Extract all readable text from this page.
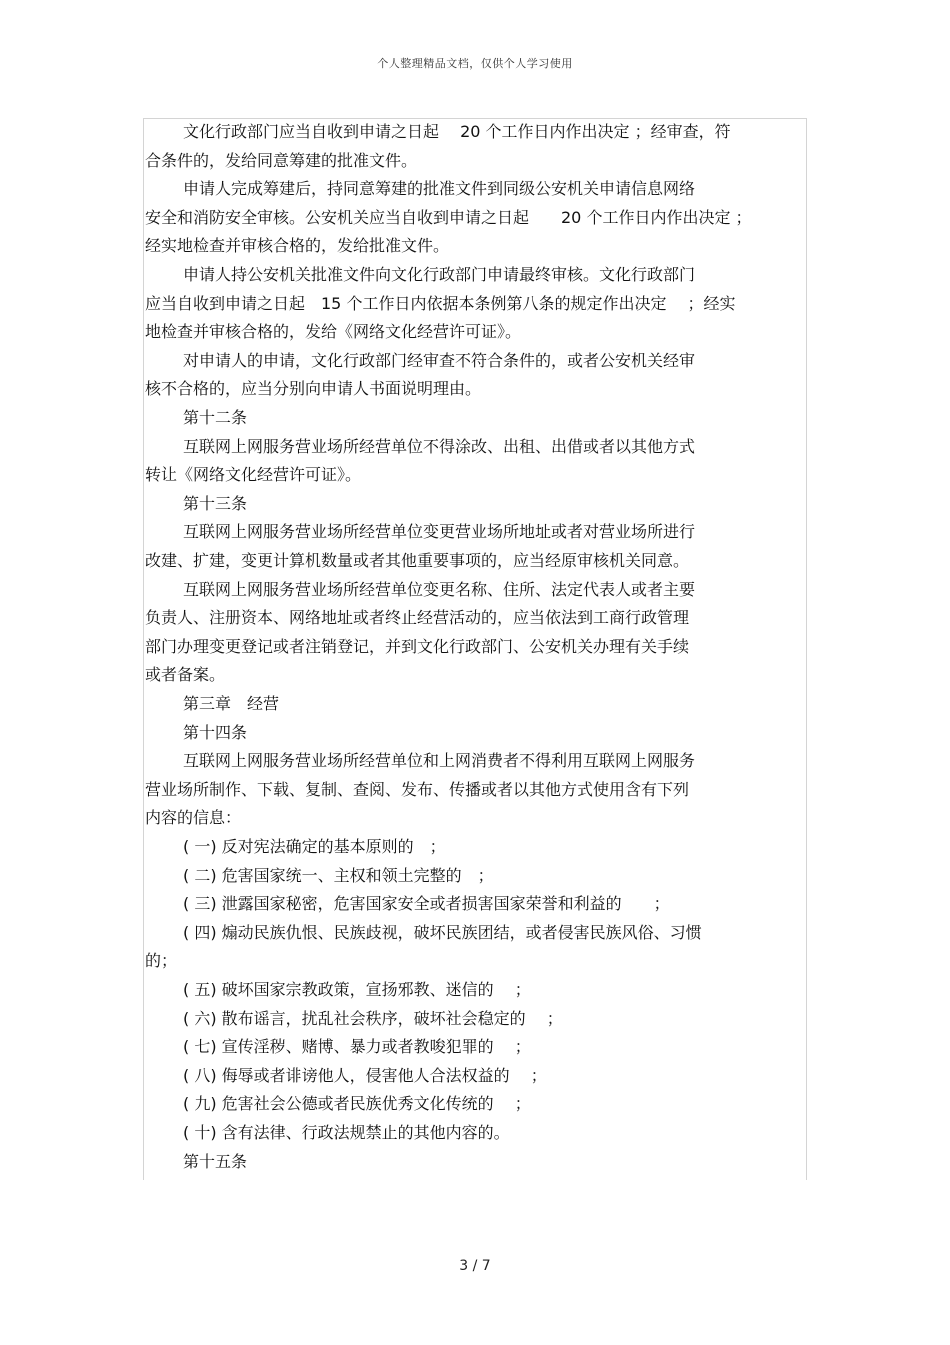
个人整理精品文档，仅供个人学习使用
文化行政部门应当自收到申请之日起　 20 个工作日内作出决定 ；经审查，符
合条件的，发给同意筹建的批准文件。
申请人完成筹建后，持同意筹建的批准文件到同级公安机关申请信息网络
安全和消防安全审核。公安机关应当自收到申请之日起　　20 个工作日内作出决定 ；
经实地检查并审核合格的，发给批准文件。
申请人持公安机关批准文件向文化行政部门申请最终审核。文化行政部门
应当自收到申请之日起　15 个工作日内依据本条例第八条的规定作出决定　 ；经实
地检查并审核合格的，发给《网络文化经营许可证》。
对申请人的申请，文化行政部门经审查不符合条件的，或者公安机关经审
核不合格的，应当分别向申请人书面说明理由。
第十二条
互联网上网服务营业场所经营单位不得涂改、出租、出借或者以其他方式
转让《网络文化经营许可证》。
第十三条
互联网上网服务营业场所经营单位变更营业场所地址或者对营业场所进行
改建、扩建，变更计算机数量或者其他重要事项的，应当经原审核机关同意。
互联网上网服务营业场所经营单位变更名称、住所、法定代表人或者主要
负责人、注册资本、网络地址或者终止经营活动的，应当依法到工商行政管理
部门办理变更登记或者注销登记，并到文化行政部门、公安机关办理有关手续
或者备案。
第三章　经营
第十四条
互联网上网服务营业场所经营单位和上网消费者不得利用互联网上网服务
营业场所制作、下载、复制、查阅、发布、传播或者以其他方式使用含有下列
内容的信息：
( 一) 反对宪法确定的基本原则的　；
( 二) 危害国家统一、主权和领土完整的　；
( 三) 泄露国家秘密，危害国家安全或者损害国家荣誉和利益的　　；
( 四) 煽动民族仇恨、民族歧视，破坏民族团结，或者侵害民族风俗、习惯
的；
( 五) 破坏国家宗教政策，宣扬邪教、迷信的　 ；
( 六) 散布谣言，扰乱社会秩序，破坏社会稳定的　 ；
( 七) 宣传淫秽、赌博、暴力或者教唆犯罪的　 ；
( 八) 侮辱或者诽谤他人，侵害他人合法权益的　 ；
( 九) 危害社会公德或者民族优秀文化传统的　 ；
( 十) 含有法律、行政法规禁止的其他内容的。
第十五条
3 / 7
